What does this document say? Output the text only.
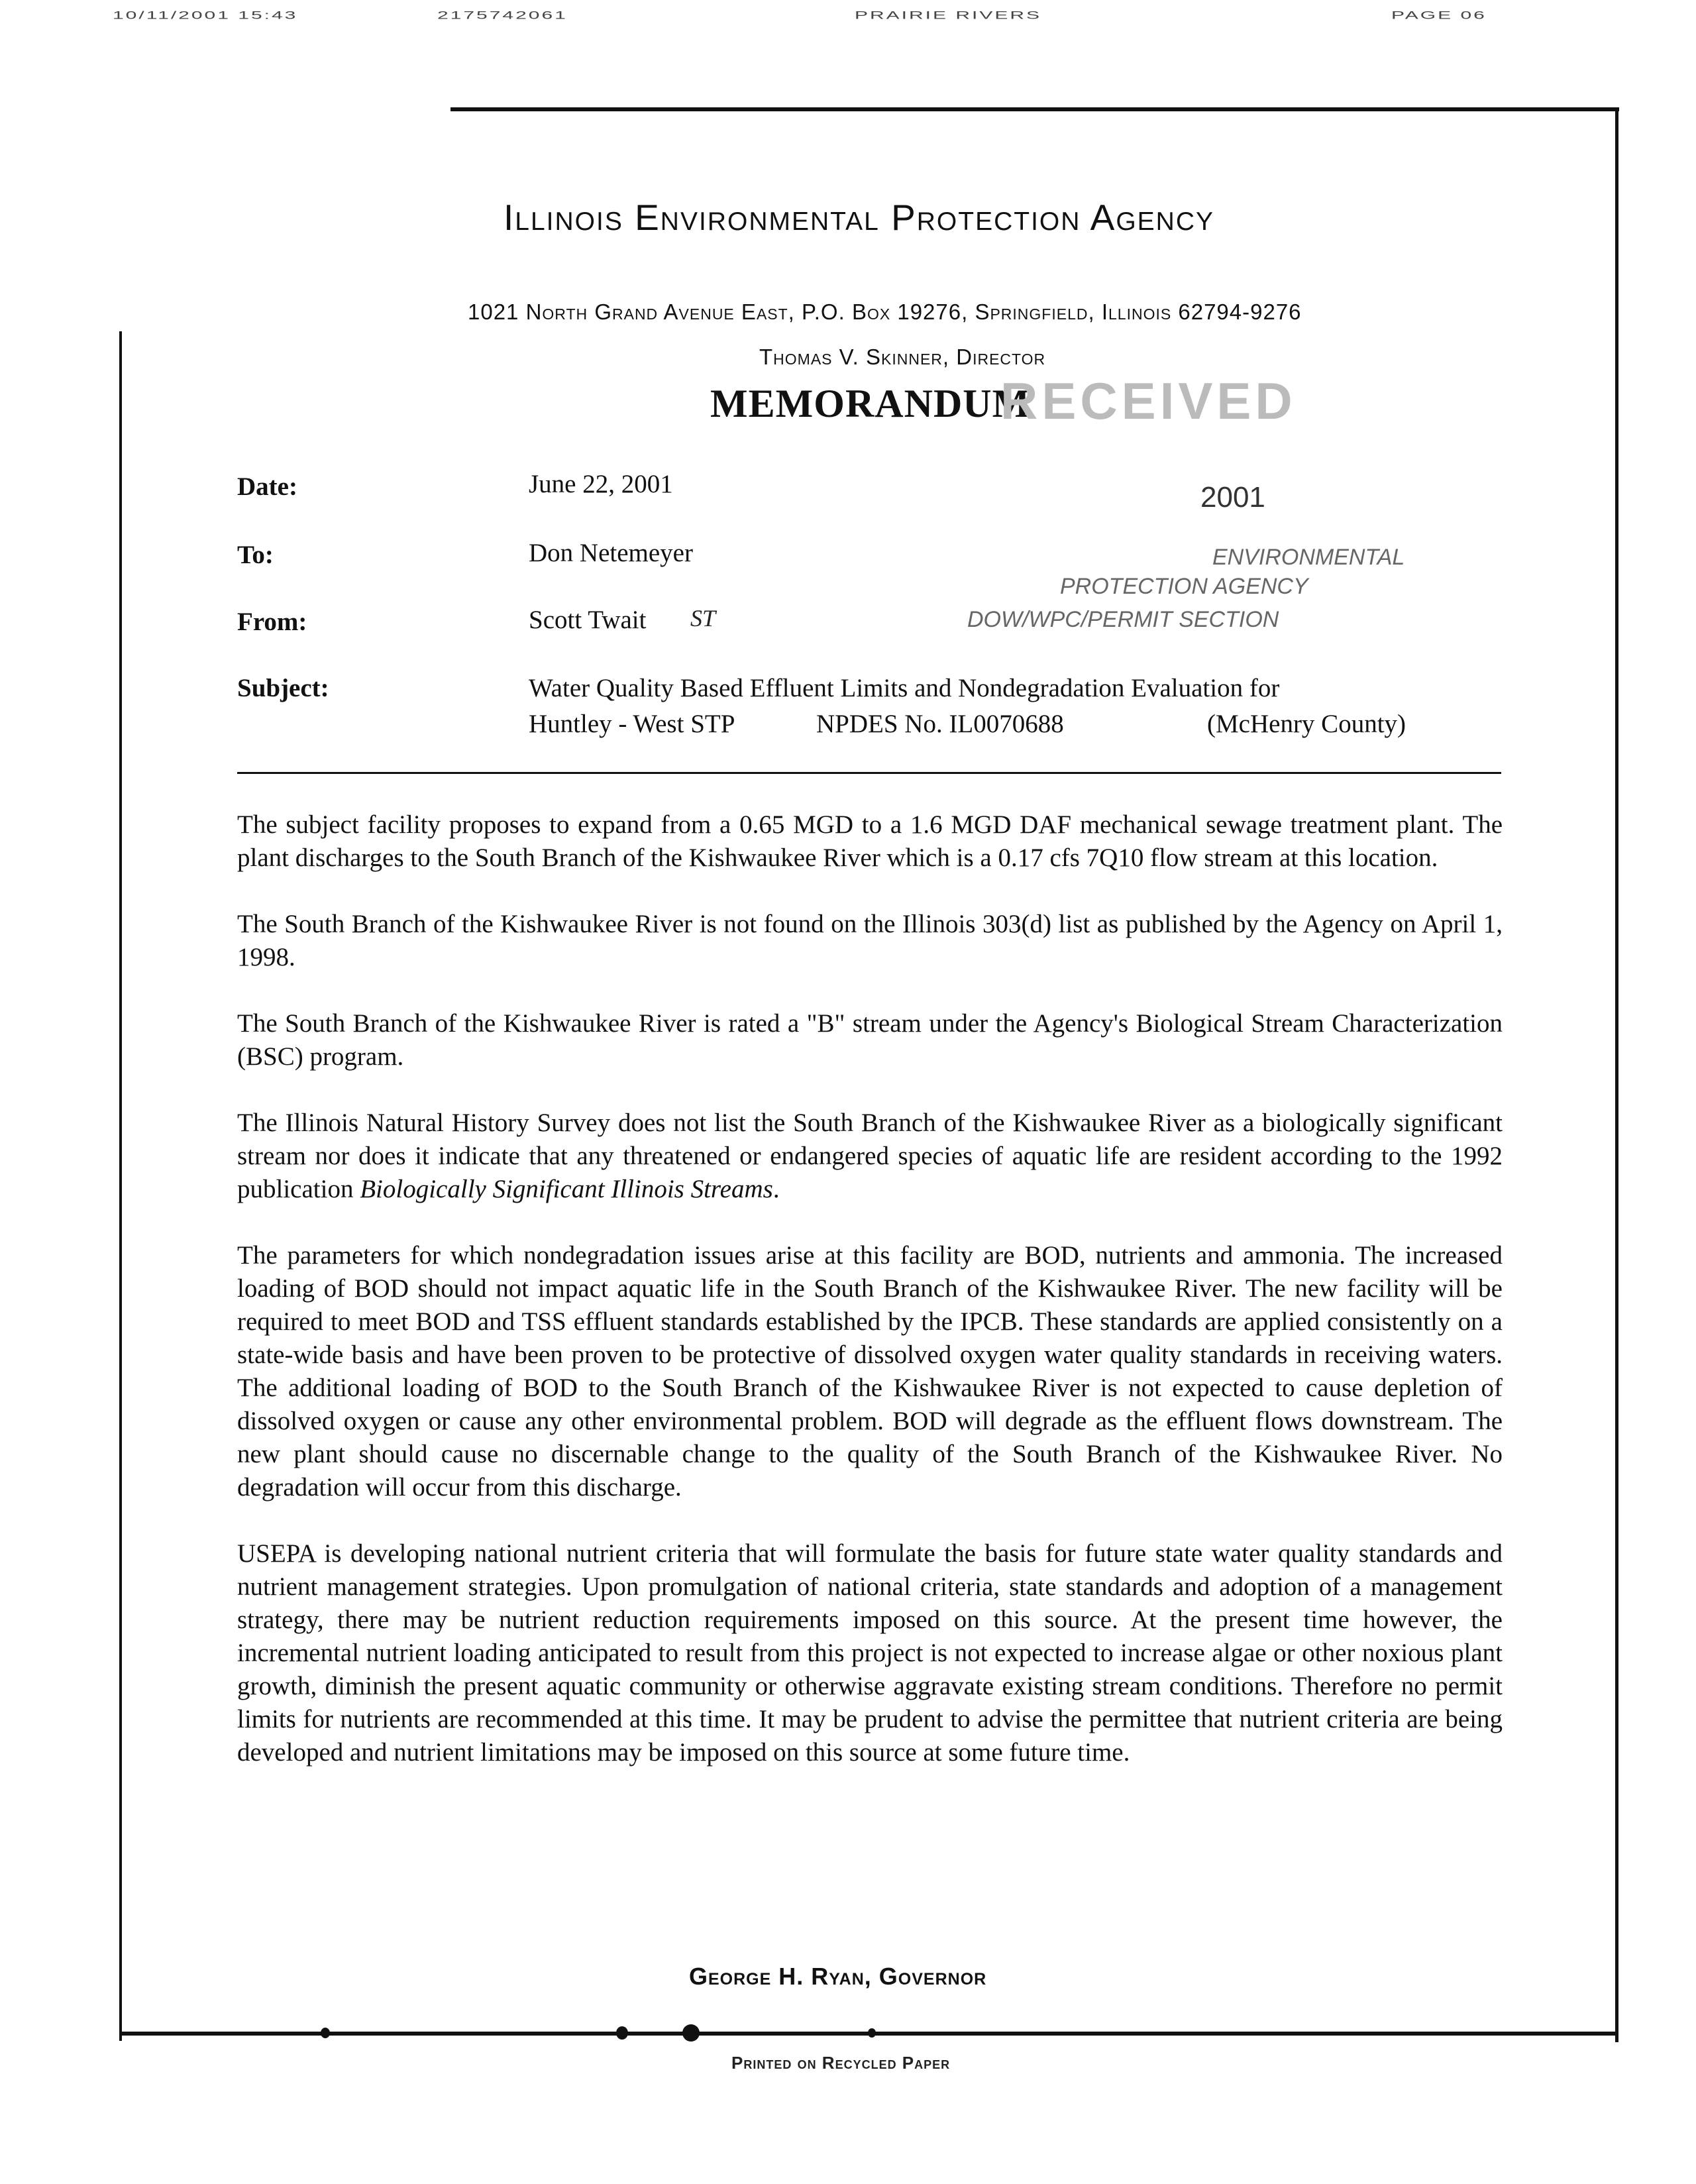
10/11/2001 15:43	2175742061	PRAIRIE RIVERS	PAGE 06
Illinois Environmental Protection Agency
1021 North Grand Avenue East, P.O. Box 19276, Springfield, Illinois 62794-9276
Thomas V. Skinner, Director
MEMORANDUM
RECEIVED
2001
ENVIRONMENTAL
PROTECTION AGENCY
DOW/WPC/PERMIT SECTION
Date:	June 22, 2001
To:	Don Netemeyer
From:	Scott Twait ST
Subject:	Water Quality Based Effluent Limits and Nondegradation Evaluation for
Huntley - West STP	NPDES No. IL0070688	(McHenry County)

The subject facility proposes to expand from a 0.65 MGD to a 1.6 MGD DAF mechanical sewage treatment plant. The plant discharges to the South Branch of the Kishwaukee River which is a 0.17 cfs 7Q10 flow stream at this location.

The South Branch of the Kishwaukee River is not found on the Illinois 303(d) list as published by the Agency on April 1, 1998.

The South Branch of the Kishwaukee River is rated a "B" stream under the Agency's Biological Stream Characterization (BSC) program.

The Illinois Natural History Survey does not list the South Branch of the Kishwaukee River as a biologically significant stream nor does it indicate that any threatened or endangered species of aquatic life are resident according to the 1992 publication Biologically Significant Illinois Streams.

The parameters for which nondegradation issues arise at this facility are BOD, nutrients and ammonia. The increased loading of BOD should not impact aquatic life in the South Branch of the Kishwaukee River. The new facility will be required to meet BOD and TSS effluent standards established by the IPCB. These standards are applied consistently on a state-wide basis and have been proven to be protective of dissolved oxygen water quality standards in receiving waters. The additional loading of BOD to the South Branch of the Kishwaukee River is not expected to cause depletion of dissolved oxygen or cause any other environmental problem. BOD will degrade as the effluent flows downstream. The new plant should cause no discernable change to the quality of the South Branch of the Kishwaukee River. No degradation will occur from this discharge.

USEPA is developing national nutrient criteria that will formulate the basis for future state water quality standards and nutrient management strategies. Upon promulgation of national criteria, state standards and adoption of a management strategy, there may be nutrient reduction requirements imposed on this source. At the present time however, the incremental nutrient loading anticipated to result from this project is not expected to increase algae or other noxious plant growth, diminish the present aquatic community or otherwise aggravate existing stream conditions. Therefore no permit limits for nutrients are recommended at this time. It may be prudent to advise the permittee that nutrient criteria are being developed and nutrient limitations may be imposed on this source at some future time.

George H. Ryan, Governor
Printed on Recycled Paper
